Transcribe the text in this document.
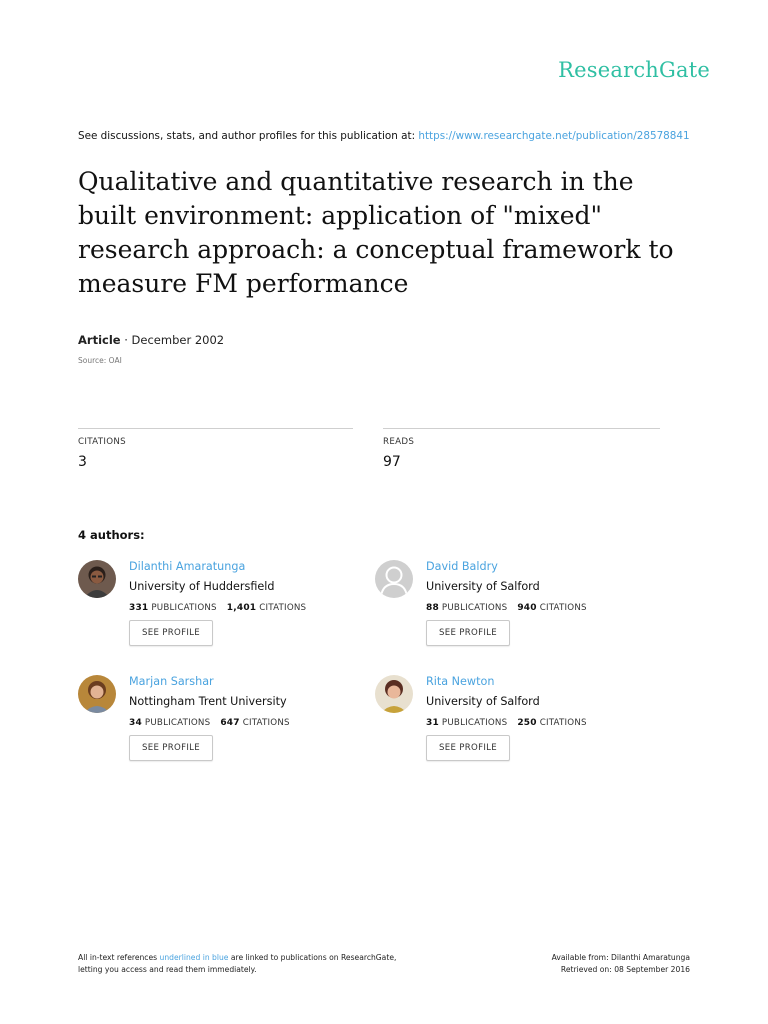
ResearchGate
See discussions, stats, and author profiles for this publication at: https://www.researchgate.net/publication/28578841
Qualitative and quantitative research in the built environment: application of "mixed" research approach: a conceptual framework to measure FM performance
Article · December 2002
Source: OAI
CITATIONS
3
READS
97
4 authors:
Dilanthi Amaratunga
University of Huddersfield
331 PUBLICATIONS 1,401 CITATIONS
SEE PROFILE
David Baldry
University of Salford
88 PUBLICATIONS 940 CITATIONS
SEE PROFILE
Marjan Sarshar
Nottingham Trent University
34 PUBLICATIONS 647 CITATIONS
SEE PROFILE
Rita Newton
University of Salford
31 PUBLICATIONS 250 CITATIONS
SEE PROFILE
All in-text references underlined in blue are linked to publications on ResearchGate,
letting you access and read them immediately.
Available from: Dilanthi Amaratunga
Retrieved on: 08 September 2016
